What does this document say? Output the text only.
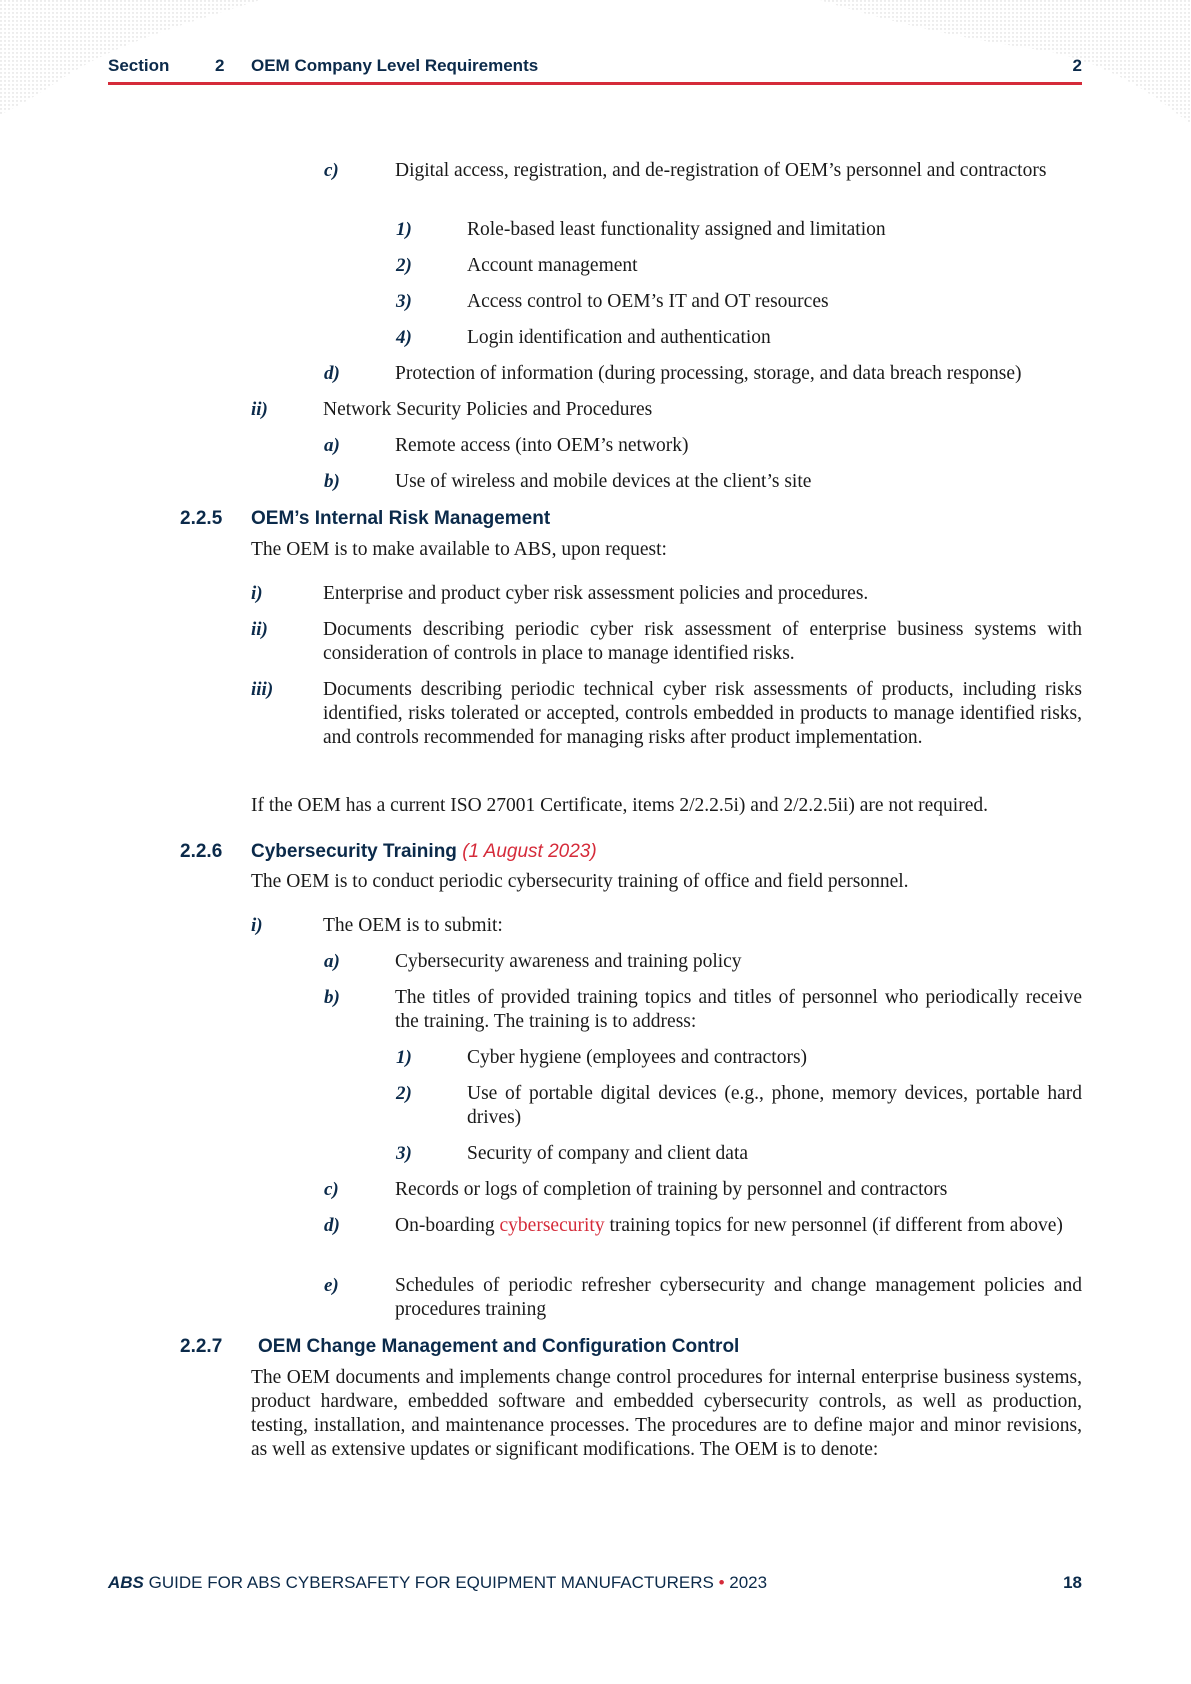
Section	2 OEM Company Level Requirements	2
c)	Digital access, registration, and de-registration of OEM’s personnel and contractors
1)	Role-based least functionality assigned and limitation
2)	Account management
3)	Access control to OEM’s IT and OT resources
4)	Login identification and authentication
d)	Protection of information (during processing, storage, and data breach response)
ii)	Network Security Policies and Procedures
a)	Remote access (into OEM’s network)
b)	Use of wireless and mobile devices at the client’s site
2.2.5 OEM’s Internal Risk Management
The OEM is to make available to ABS, upon request:
i)	Enterprise and product cyber risk assessment policies and procedures.
ii)	Documents describing periodic cyber risk assessment of enterprise business systems with consideration of controls in place to manage identified risks.
iii)	Documents describing periodic technical cyber risk assessments of products, including risks identified, risks tolerated or accepted, controls embedded in products to manage identified risks, and controls recommended for managing risks after product implementation.
If the OEM has a current ISO 27001 Certificate, items 2/2.2.5i) and 2/2.2.5ii) are not required.
2.2.6 Cybersecurity Training (1 August 2023)
The OEM is to conduct periodic cybersecurity training of office and field personnel.
i)	The OEM is to submit:
a)	Cybersecurity awareness and training policy
b)	The titles of provided training topics and titles of personnel who periodically receive the training. The training is to address:
1)	Cyber hygiene (employees and contractors)
2)	Use of portable digital devices (e.g., phone, memory devices, portable hard drives)
3)	Security of company and client data
c)	Records or logs of completion of training by personnel and contractors
d)	On-boarding cybersecurity training topics for new personnel (if different from above)
e)	Schedules of periodic refresher cybersecurity and change management policies and procedures training
2.2.7 OEM Change Management and Configuration Control
The OEM documents and implements change control procedures for internal enterprise business systems, product hardware, embedded software and embedded cybersecurity controls, as well as production, testing, installation, and maintenance processes. The procedures are to define major and minor revisions, as well as extensive updates or significant modifications. The OEM is to denote:
ABS GUIDE FOR ABS CYBERSAFETY FOR EQUIPMENT MANUFACTURERS • 2023	18
